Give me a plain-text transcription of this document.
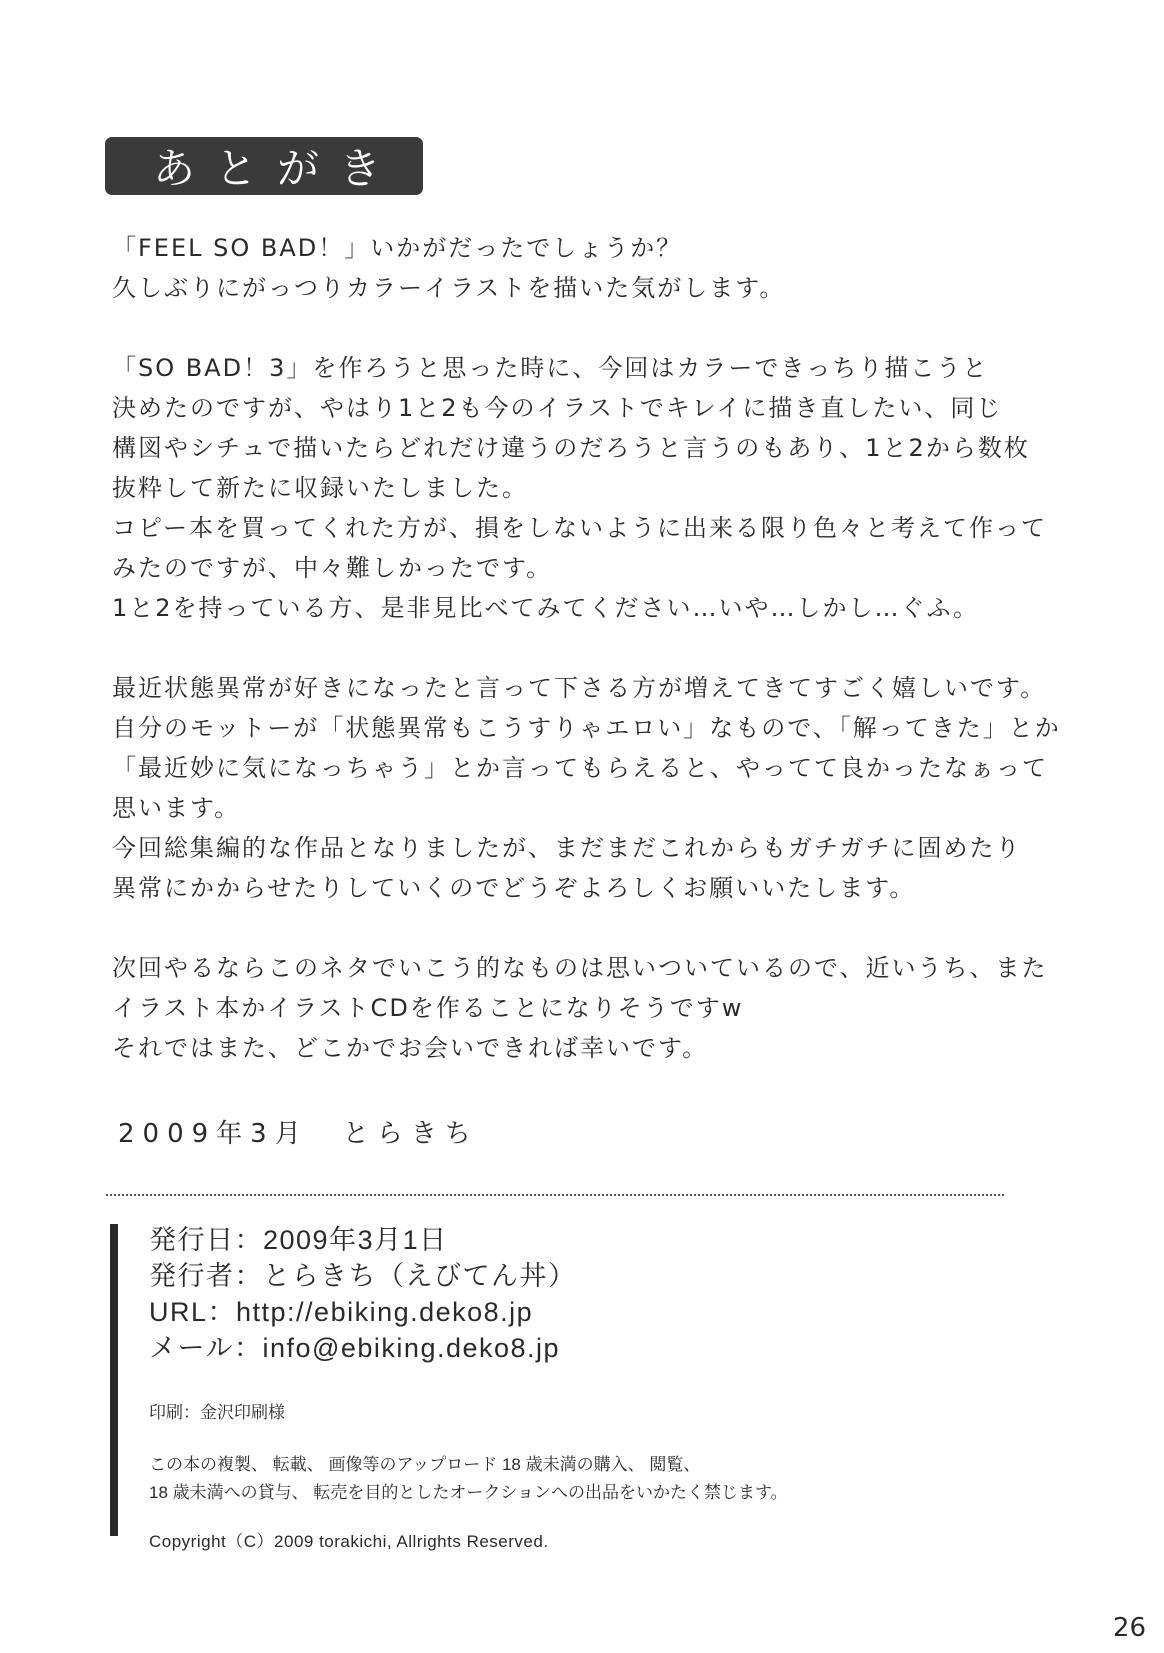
あとがき
「FEEL SO BAD！」いかがだったでしょうか？
久しぶりにがっつりカラーイラストを描いた気がします。
「SO BAD！3」を作ろうと思った時に、今回はカラーできっちり描こうと
決めたのですが、やはり1と2も今のイラストでキレイに描き直したい、同じ
構図やシチュで描いたらどれだけ違うのだろうと言うのもあり、1と2から数枚
抜粋して新たに収録いたしました。
コピー本を買ってくれた方が、損をしないように出来る限り色々と考えて作って
みたのですが、中々難しかったです。
1と2を持っている方、是非見比べてみてください…いや…しかし…ぐふ。
最近状態異常が好きになったと言って下さる方が増えてきてすごく嬉しいです。
自分のモットーが「状態異常もこうすりゃエロい」なもので、「解ってきた」とか
「最近妙に気になっちゃう」とか言ってもらえると、やってて良かったなぁって
思います。
今回総集編的な作品となりましたが、まだまだこれからもガチガチに固めたり
異常にかからせたりしていくのでどうぞよろしくお願いいたします。
次回やるならこのネタでいこう的なものは思いついているので、近いうち、また
イラスト本かイラストCDを作ることになりそうですw
それではまた、どこかでお会いできれば幸いです。
2009年3月　とらきち
発行日：2009年3月1日
発行者：とらきち（えびてん丼）
URL：http://ebiking.deko8.jp
メール：info@ebiking.deko8.jp
印刷：金沢印刷様
この本の複製、 転載、 画像等のアップロード 18 歳未満の購入、 閲覧、
18 歳未満への貸与、 転売を目的としたオークションへの出品をいかたく禁じます。
Copyright（C）2009 torakichi, Allrights Reserved.
26
